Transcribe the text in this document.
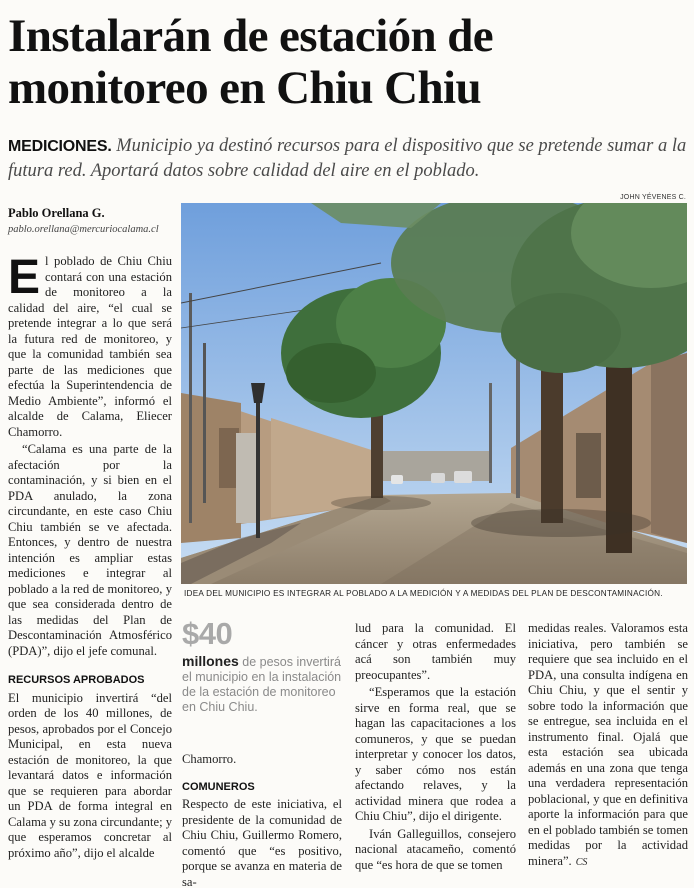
Instalarán de estación de monitoreo en Chiu Chiu
MEDICIONES. Municipio ya destinó recursos para el dispositivo que se pretende sumar a la futura red. Aportará datos sobre calidad del aire en el poblado.
JOHN YÉVENES C.
Pablo Orellana G.
pablo.orellana@mercuriocalama.cl
IDEA DEL MUNICIPIO ES INTEGRAR AL POBLADO A LA MEDICIÓN Y A MEDIDAS DEL PLAN DE DESCONTAMINACIÓN.

El poblado de Chiu Chiu contará con una estación de monitoreo a la calidad del aire, “el cual se pretende integrar a lo que será la futura red de monitoreo, y que la comunidad también sea parte de las mediciones que efectúa la Superintendencia de Medio Ambiente”, informó el alcalde de Calama, Eliecer Chamorro.

“Calama es una parte de la afectación por la contaminación, y si bien en el PDA anulado, la zona circundante, en este caso Chiu Chiu también se ve afectada. Entonces, y dentro de nuestra intención es ampliar estas mediciones e integrar al poblado a la red de monitoreo, y que sea considerada dentro de las medidas del Plan de Descontaminación Atmosférico (PDA)”, dijo el jefe comunal.

RECURSOS APROBADOS

El municipio invertirá “del orden de los 40 millones, de pesos, aprobados por el Concejo Municipal, en esta nueva estación de monitoreo, la que levantará datos e información que se requieren para abordar un PDA de forma integral en Calama y su zona circundante; y que esperamos concretar al próximo año”, dijo el alcalde

$40
millones de pesos invertirá el municipio en la instalación de la estación de monitoreo en Chiu Chiu.

Chamorro.

COMUNEROS

Respecto de este iniciativa, el presidente de la comunidad de Chiu Chiu, Guillermo Romero, comentó que “es positivo, porque se avanza en materia de sa-

lud para la comunidad. El cáncer y otras enfermedades acá son también muy preocupantes”.

“Esperamos que la estación sirve en forma real, que se hagan las capacitaciones a los comuneros, y que se puedan interpretar y conocer los datos, y saber cómo nos están afectando relaves, y la actividad minera que rodea a Chiu Chiu”, dijo el dirigente.

Iván Galleguillos, consejero nacional atacameño, comentó que “es hora de que se tomen

medidas reales. Valoramos esta iniciativa, pero también se requiere que sea incluido en el PDA, una consulta indígena en Chiu Chiu, y que el sentir y sobre todo la información que se entregue, sea incluida en el instrumento final. Ojalá que esta estación sea ubicada además en una zona que tenga una verdadera representación poblacional, y que en definitiva aporte la información para que en el poblado también se tomen medidas por la actividad minera”. CS
